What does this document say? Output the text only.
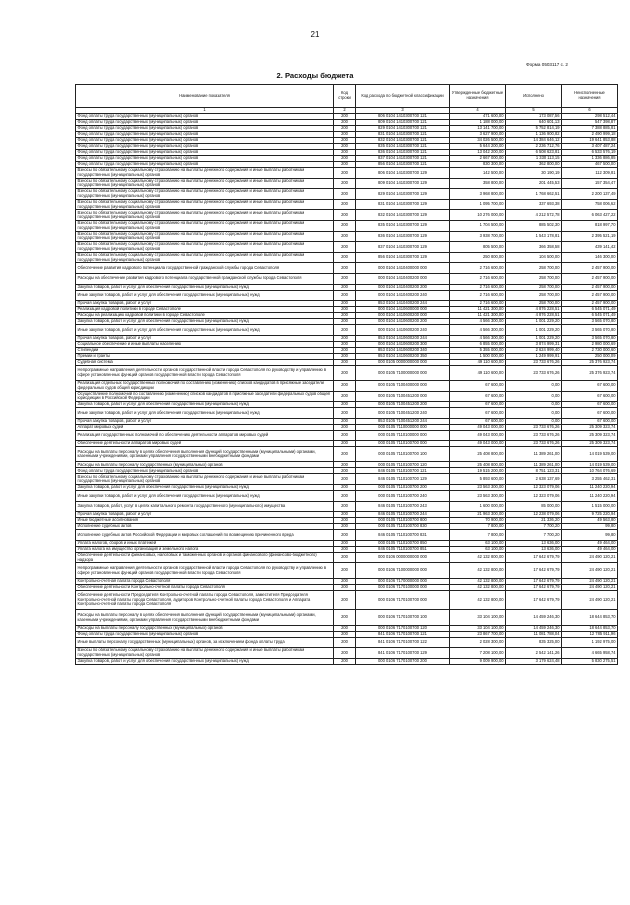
21
Форма 0503117 с. 2
2. Расходы бюджета
Наименование показателя	Код строки	Код расхода по бюджетной классификации	Утвержденные бюджетные назначения	Исполнено	Неисполненные назначения
1	2	3	4	5	6
Фонд оплаты труда государственных (муниципальных) органов	200	806 0104 1410300700 121	471 600,00	173 087,56	298 512,44
Фонд оплаты труда государственных (муниципальных) органов	200	809 0104 1410300700 121	1 188 000,00	640 601,13	547 398,87
Фонд оплаты труда государственных (муниципальных) органов	200	829 0104 1410300700 121	13 141 700,00	5 752 814,19	7 388 885,81
Фонд оплаты труда государственных (муниципальных) органов	200	831 0104 1410300700 121	3 627 900,00	1 136 900,82	2 490 999,18
Фонд оплаты труда государственных (муниципальных) органов	200	832 0104 1410300700 121	34 026 500,00	14 384 646,12	19 641 853,88
Фонд оплаты труда государственных (муниципальных) органов	200	835 0104 1410300700 121	5 644 200,00	2 236 712,76	3 407 487,24
Фонд оплаты труда государственных (муниципальных) органов	200	836 0104 1410300700 121	13 042 200,00	6 508 623,81	6 533 576,19
Фонд оплаты труда государственных (муниципальных) органов	200	837 0104 1410300700 121	2 667 000,00	1 330 113,15	1 336 886,85
Фонд оплаты труда государственных (муниципальных) органов	200	856 0104 1410300700 121	830 300,00	362 800,00	467 500,00
Взносы по обязательному социальному страхованию на выплаты денежного содержания и иные выплаты работникам государственных (муниципальных) органов	200	806 0104 1410300700 129	142 500,00	30 190,19	112 309,81
Взносы по обязательному социальному страхованию на выплаты денежного содержания и иные выплаты работникам государственных (муниципальных) органов	200	809 0104 1410300700 129	358 800,00	201 445,53	157 354,47
Взносы по обязательному социальному страхованию на выплаты денежного содержания и иные выплаты работникам государственных (муниципальных) органов	200	829 0104 1410300700 129	3 968 800,00	1 768 662,51	2 200 137,49
Взносы по обязательному социальному страхованию на выплаты денежного содержания и иные выплаты работникам государственных (муниципальных) органов	200	831 0104 1410300700 129	1 095 700,00	337 693,38	758 006,62
Взносы по обязательному социальному страхованию на выплаты денежного содержания и иные выплаты работникам государственных (муниципальных) органов	200	832 0104 1410300700 129	10 276 000,00	4 212 572,78	6 063 427,22
Взносы по обязательному социальному страхованию на выплаты денежного содержания и иные выплаты работникам государственных (муниципальных) органов	200	835 0104 1410300700 129	1 704 500,00	885 502,30	818 997,70
Взносы по обязательному социальному страхованию на выплаты денежного содержания и иные выплаты работникам государственных (муниципальных) органов	200	836 0104 1410300700 129	3 938 700,00	1 543 178,81	2 395 521,19
Взносы по обязательному социальному страхованию на выплаты денежного содержания и иные выплаты работникам государственных (муниципальных) органов	200	837 0104 1410300700 129	805 500,00	366 358,58	439 141,42
Взносы по обязательному социальному страхованию на выплаты денежного содержания и иные выплаты работникам государственных (муниципальных) органов	200	856 0104 1410300700 129	250 800,00	104 500,00	146 300,00
Обеспечение развития кадрового потенциала государственной гражданской службы города Севастополя	200	000 0104 1410400000 000	2 716 600,00	258 700,00	2 457 900,00
Расходы на обеспечение развития кадрового потенциала государственной гражданской службы города Севастополя	200	000 0104 1410400200 000	2 716 600,00	258 700,00	2 457 900,00
Закупка товаров, работ и услуг для обеспечения государственных (муниципальных) нужд	200	000 0104 1410400200 200	2 716 600,00	258 700,00	2 457 900,00
Иные закупки товаров, работ и услуг для обеспечения государственных (муниципальных) нужд	200	000 0104 1410400200 240	2 716 600,00	258 700,00	2 457 900,00
Прочая закупка товаров, работ и услуг	200	853 0104 1410400200 244	2 716 600,00	258 700,00	2 457 900,00
Реализация кадровой политики в городе Севастополе	200	000 0104 1410600000 000	11 421 300,00	4 876 228,51	6 545 071,49
Расходы на реализацию кадровой политики в городе Севастополе	200	000 0104 1410600200 000	11 421 300,00	4 876 228,51	6 545 071,49
Закупка товаров, работ и услуг для обеспечения государственных (муниципальных) нужд	200	000 0104 1410600200 200	4 566 300,00	1 001 229,20	3 565 070,80
Иные закупки товаров, работ и услуг для обеспечения государственных (муниципальных) нужд	200	000 0104 1410600200 240	4 566 300,00	1 001 229,20	3 565 070,80
Прочая закупка товаров, работ и услуг	200	853 0104 1410600200 244	4 566 300,00	1 001 229,20	3 565 070,80
Социальное обеспечение и иные выплаты населению	200	000 0104 1410600200 300	6 855 000,00	3 874 999,31	2 980 000,69
Стипендии	200	853 0104 1410600200 340	5 355 000,00	2 624 999,40	2 730 000,60
Премии и гранты	200	853 0104 1410600200 350	1 500 000,00	1 249 999,91	250 000,09
Судебная система	200	000 0105 0000000000 000	49 110 600,00	23 733 676,26	25 376 923,74
Непрограммные направления деятельности органов государственной власти города Севастополя по руководству и управлению в сфере установленных функций органов государственной власти города Севастополя	200	000 0105 7100000000 000	49 110 600,00	23 733 676,26	25 376 923,74
Реализация отдельных государственных полномочий по составлению (изменению) списков кандидатов в присяжные заседатели федеральных судов общей юрисдикции	200	000 0105 7100400000 000	67 600,00	0,00	67 600,00
Осуществление полномочий по составлению (изменению) списков кандидатов в присяжные заседатели федеральных судов общей юрисдикции в Российской Федерации	200	000 0105 7100451200 000	67 600,00	0,00	67 600,00
Закупка товаров, работ и услуг для обеспечения государственных (муниципальных) нужд	200	000 0105 7100451200 200	67 600,00	0,00	67 600,00
Иные закупки товаров, работ и услуг для обеспечения государственных (муниципальных) нужд	200	000 0105 7100451200 240	67 600,00	0,00	67 600,00
Прочая закупка товаров, работ и услуг	200	853 0105 7100451200 244	67 600,00	0,00	67 600,00
Аппарат мировых судей	200	000 0105 7110000000 000	49 043 000,00	23 733 676,26	25 309 323,74
Реализация государственных полномочий по обеспечению деятельности аппаратов мировых судей	200	000 0105 7110100000 000	49 043 000,00	23 733 676,26	25 309 323,74
Обеспечение деятельности аппаратов мировых судей	200	000 0105 7110100700 000	49 043 000,00	23 733 676,26	25 309 323,74
Расходы на выплаты персоналу в целях обеспечения выполнения функций государственными (муниципальными) органами, казенными учреждениями, органами управления государственными внебюджетными фондами	200	000 0105 7110100700 100	25 408 800,00	11 389 261,00	14 019 539,00
Расходы на выплаты персоналу государственных (муниципальных) органов	200	000 0105 7110100700 120	25 408 800,00	11 389 261,00	14 019 539,00
Фонд оплаты труда государственных (муниципальных) органов	200	846 0105 7110100700 121	19 515 200,00	8 751 123,31	10 764 076,69
Взносы по обязательному социальному страхованию на выплаты денежного содержания и иные выплаты работникам государственных (муниципальных) органов	200	846 0105 7110100700 129	5 893 600,00	2 638 137,69	3 255 462,31
Закупка товаров, работ и услуг для обеспечения государственных (муниципальных) нужд	200	000 0105 7110100700 200	23 563 300,00	12 323 079,06	11 240 220,94
Иные закупки товаров, работ и услуг для обеспечения государственных (муниципальных) нужд	200	000 0105 7110100700 240	23 563 300,00	12 323 079,06	11 240 220,94
Закупка товаров, работ, услуг в целях капитального ремонта государственного (муниципального) имущества	200	846 0105 7110100700 243	1 600 000,00	85 000,00	1 515 000,00
Прочая закупка товаров, работ и услуг	200	846 0105 7110100700 244	21 963 300,00	12 238 079,06	9 725 220,94
Иные бюджетные ассигнования	200	000 0105 7110100700 800	70 900,00	21 336,20	49 563,80
Исполнение судебных актов	200	000 0105 7110100700 830	7 800,00	7 700,20	99,80
Исполнение судебных актов Российской Федерации и мировых соглашений по возмещению причиненного вреда	200	846 0105 7110100700 831	7 800,00	7 700,20	99,80
Уплата налогов, сборов и иных платежей	200	000 0105 7110100700 850	63 100,00	13 636,00	49 464,00
Уплата налога на имущество организаций и земельного налога	200	846 0105 7110100700 851	63 100,00	13 636,00	49 464,00
Обеспечение деятельности финансовых, налоговых и таможенных органов и органов финансового (финансово-бюджетного) надзора	200	000 0106 0000000000 000	42 132 800,00	17 642 679,79	24 490 120,21
Непрограммные направления деятельности органов государственной власти города Севастополя по руководству и управлению в сфере установленных функций органов государственной власти города Севастополя	200	000 0106 7100000000 000	42 132 800,00	17 642 679,79	24 490 120,21
Контрольно-счетная палата города Севастополя	200	000 0106 7170000000 000	42 132 800,00	17 642 679,79	24 490 120,21
Обеспечение деятельности Контрольно-счетной палаты города Севастополя	200	000 0106 7170100000 000	42 132 800,00	17 642 679,79	24 490 120,21
Обеспечение деятельности Председателя Контрольно-счетной палаты города Севастополя, заместителя Председателя Контрольно-счетной палаты города Севастополя, аудиторов Контрольно-счетной палаты города Севастополя и Аппарата Контрольно-счетной палаты города Севастополя	200	000 0106 7170100700 000	42 132 800,00	17 642 679,79	24 490 120,21
Расходы на выплаты персоналу в целях обеспечения выполнения функций государственными (муниципальными) органами, казенными учреждениями, органами управления государственными внебюджетными фондами	200	000 0106 7170100700 100	33 104 100,00	14 459 246,30	18 644 853,70
Расходы на выплаты персоналу государственных (муниципальных) органов	200	000 0106 7170100700 120	33 104 100,00	14 459 246,30	18 644 853,70
Фонд оплаты труда государственных (муниципальных) органов	200	841 0106 7170100700 121	23 867 700,00	11 081 788,04	12 785 911,96
Иные выплаты персоналу государственных (муниципальных) органов, за исключением фонда оплаты труда	200	841 0106 7170100700 122	2 028 300,00	835 325,00	1 192 975,00
Взносы по обязательному социальному страхованию на выплаты денежного содержания и иные выплаты работникам государственных (муниципальных) органов	200	841 0106 7170100700 129	7 208 100,00	2 542 141,26	4 665 958,74
Закупка товаров, работ и услуг для обеспечения государственных (муниципальных) нужд	200	000 0106 7170100700 200	9 009 900,00	3 179 624,48	5 830 275,51
